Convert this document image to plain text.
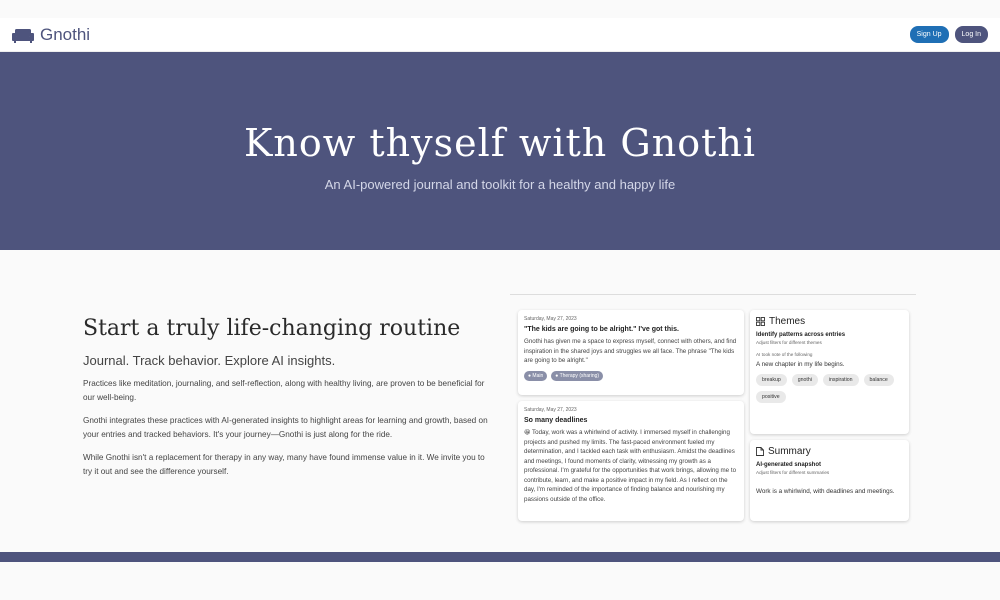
Gnothi	Sign Up	Log In
Know thyself with Gnothi

An AI-powered journal and toolkit for a healthy and happy life

Start a truly life-changing routine
Journal. Track behavior. Explore AI insights.

Practices like meditation, journaling, and self-reflection, along with healthy living, are proven to be beneficial for our well-being.

Gnothi integrates these practices with AI-generated insights to highlight areas for learning and growth, based on your entries and tracked behaviors. It's your journey—Gnothi is just along for the ride.

While Gnothi isn't a replacement for therapy in any way, many have found immense value in it. We invite you to try it out and see the difference yourself.

Saturday, May 27, 2023
"The kids are going to be alright." I've got this.
Gnothi has given me a space to express myself, connect with others, and find inspiration in the shared joys and struggles we all face. The phrase "The kids are going to be alright."
● Main	● Therapy (sharing)
Saturday, May 27, 2023
So many deadlines
😀 Today, work was a whirlwind of activity. I immersed myself in challenging projects and pushed my limits. The fast-paced environment fueled my determination, and I tackled each task with enthusiasm. Amidst the deadlines and meetings, I found moments of clarity, witnessing my growth as a professional. I'm grateful for the opportunities that work brings, allowing me to contribute, learn, and make a positive impact in my field. As I reflect on the day, I'm reminded of the importance of finding balance and nourishing my passions outside of the office.
Themes
Identify patterns across entries
Adjust filters for different themes
AI took note of the following
A new chapter in my life begins.
breakup	gnothi	inspiration	balance
positive
Summary
AI-generated snapshot
Adjust filters for different summaries
Work is a whirlwind, with deadlines and meetings.
